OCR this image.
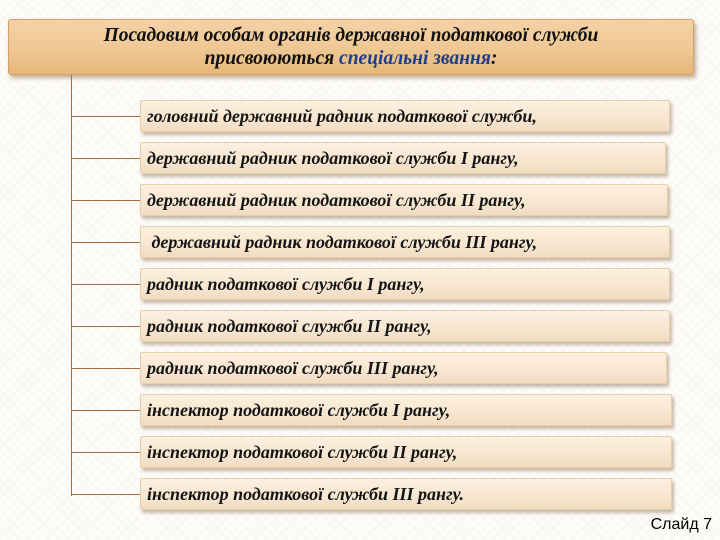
Посадовим особам органів державної податкової служби
присвоюються спеціальні звання:
головний державний радник податкової служби,
державний радник податкової служби І рангу,
державний радник податкової служби ІІ рангу,
державний радник податкової служби ІІІ рангу,
радник податкової служби І рангу,
радник податкової служби ІІ рангу,
радник податкової служби ІІІ рангу,
інспектор податкової служби І рангу,
інспектор податкової служби ІІ рангу,
інспектор податкової служби ІІІ рангу.
Слайд 7
